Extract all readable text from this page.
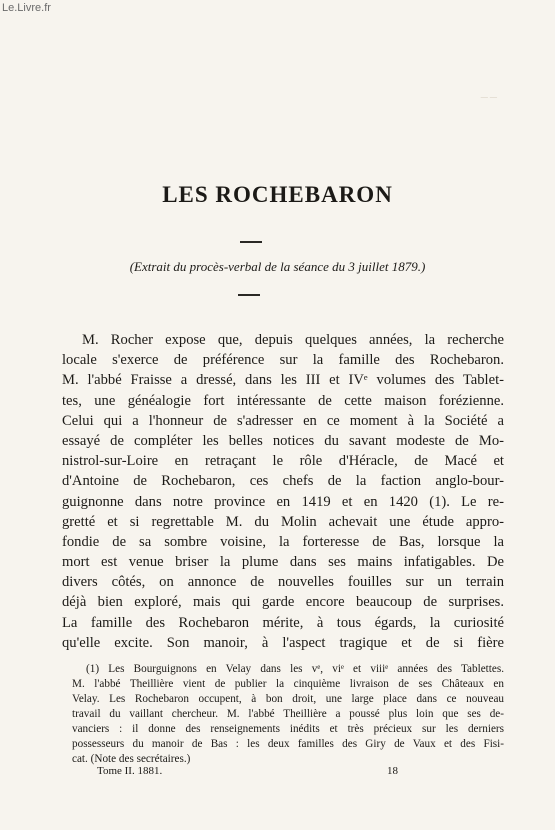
Le.Livre.fr
— —
LES ROCHEBARON
(Extrait du procès-verbal de la séance du 3 juillet 1879.)
M. Rocher expose que, depuis quelques années, la recherche
locale s'exerce de préférence sur la famille des Rochebaron.
M. l'abbé Fraisse a dressé, dans les III et IVᵉ volumes des Tablet-
tes, une généalogie fort intéressante de cette maison forézienne.
Celui qui a l'honneur de s'adresser en ce moment à la Société a
essayé de compléter les belles notices du savant modeste de Mo-
nistrol-sur-Loire en retraçant le rôle d'Héracle, de Macé et
d'Antoine de Rochebaron, ces chefs de la faction anglo-bour-
guignonne dans notre province en 1419 et en 1420 (1). Le re-
gretté et si regrettable M. du Molin achevait une étude appro-
fondie de sa sombre voisine, la forteresse de Bas, lorsque la
mort est venue briser la plume dans ses mains infatigables. De
divers côtés, on annonce de nouvelles fouilles sur un terrain
déjà bien exploré, mais qui garde encore beaucoup de surprises.
La famille des Rochebaron mérite, à tous égards, la curiosité
qu'elle excite. Son manoir, à l'aspect tragique et de si fière
(1) Les Bourguignons en Velay dans les vᵉ, viᵉ et viiiᵉ années des Tablettes.
M. l'abbé Theillière vient de publier la cinquième livraison de ses Châteaux en
Velay. Les Rochebaron occupent, à bon droit, une large place dans ce nouveau
travail du vaillant chercheur. M. l'abbé Theillière a poussé plus loin que ses de-
vanciers : il donne des renseignements inédits et très précieux sur les derniers
possesseurs du manoir de Bas : les deux familles des Giry de Vaux et des Fisi-
cat. (Note des secrétaires.)
Tome II. 1881.	18
